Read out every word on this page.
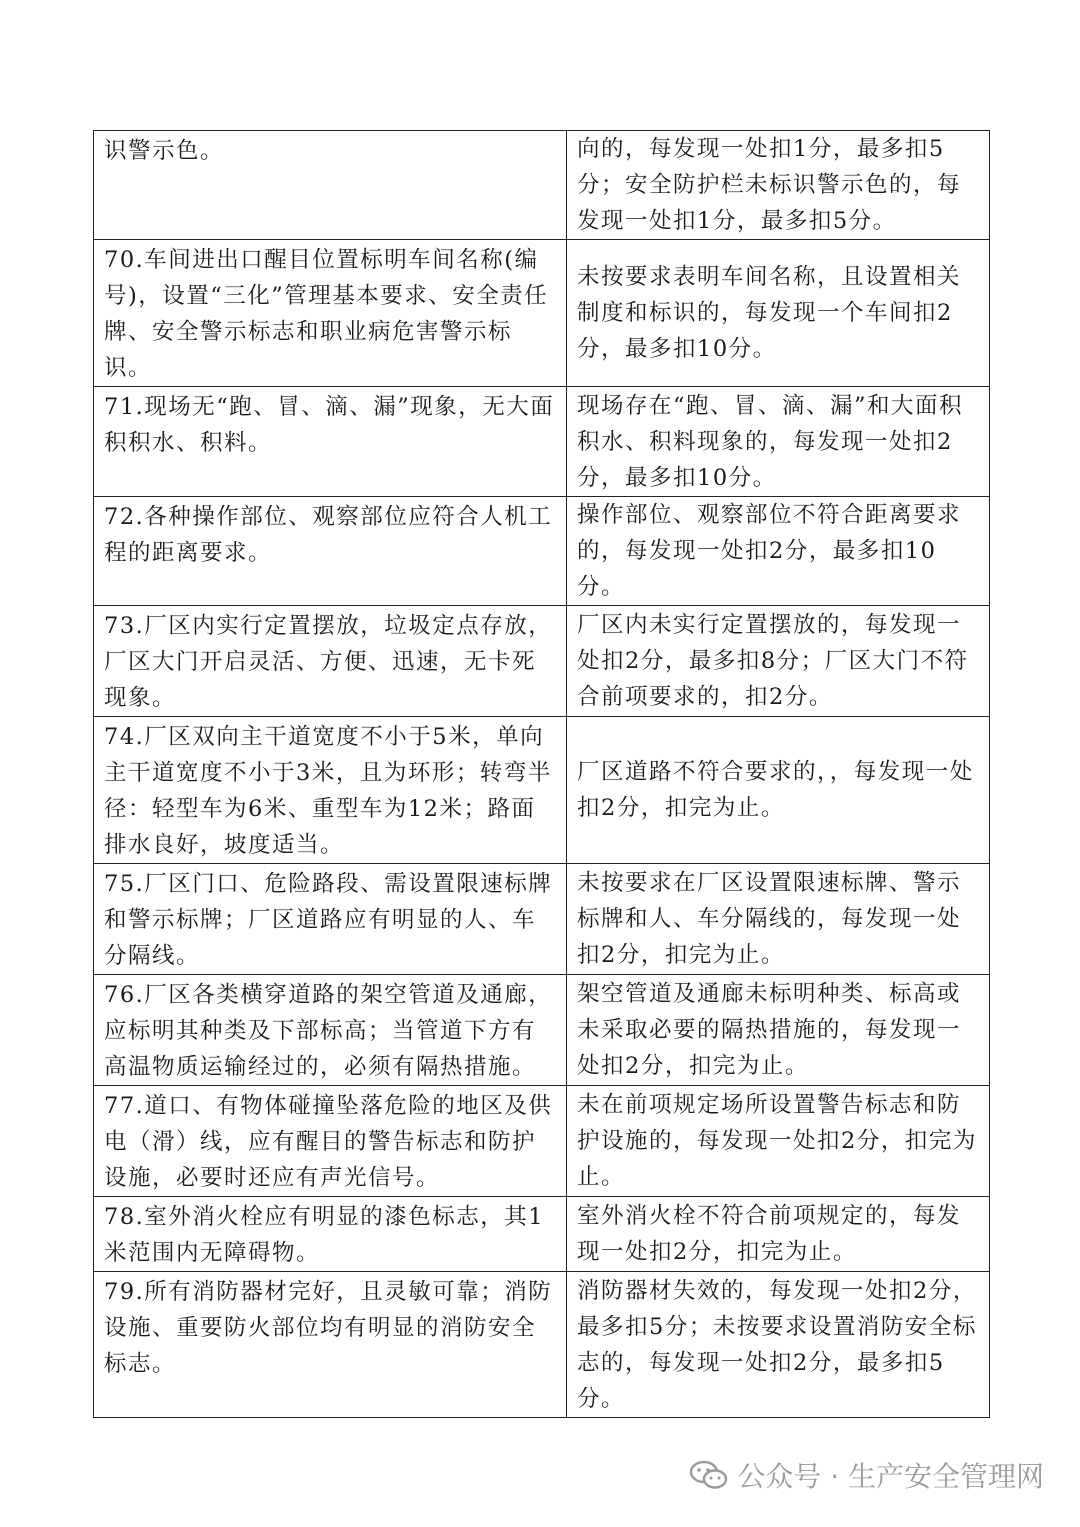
识警示色。	向的，每发现一处扣1分，最多扣5分；安全防护栏未标识警示色的，每发现一处扣1分，最多扣5分。
70.车间进出口醒目位置标明车间名称(编号)，设置“三化”管理基本要求、安全责任牌、安全警示标志和职业病危害警示标识。	未按要求表明车间名称，且设置相关制度和标识的，每发现一个车间扣2分，最多扣10分。
71.现场无“跑、冒、滴、漏”现象，无大面积积水、积料。	现场存在“跑、冒、滴、漏”和大面积积水、积料现象的，每发现一处扣2分，最多扣10分。
72.各种操作部位、观察部位应符合人机工程的距离要求。	操作部位、观察部位不符合距离要求的，每发现一处扣2分，最多扣10分。
73.厂区内实行定置摆放，垃圾定点存放，厂区大门开启灵活、方便、迅速，无卡死现象。	厂区内未实行定置摆放的，每发现一处扣2分，最多扣8分；厂区大门不符合前项要求的，扣2分。
74.厂区双向主干道宽度不小于5米，单向主干道宽度不小于3米，且为环形；转弯半径：轻型车为6米、重型车为12米；路面排水良好，坡度适当。	厂区道路不符合要求的，，每发现一处扣2分，扣完为止。
75.厂区门口、危险路段、需设置限速标牌和警示标牌；厂区道路应有明显的人、车分隔线。	未按要求在厂区设置限速标牌、警示标牌和人、车分隔线的，每发现一处扣2分，扣完为止。
76.厂区各类横穿道路的架空管道及通廊，应标明其种类及下部标高；当管道下方有高温物质运输经过的，必须有隔热措施。	架空管道及通廊未标明种类、标高或未采取必要的隔热措施的，每发现一处扣2分，扣完为止。
77.道口、有物体碰撞坠落危险的地区及供电（滑）线，应有醒目的警告标志和防护设施，必要时还应有声光信号。	未在前项规定场所设置警告标志和防护设施的，每发现一处扣2分，扣完为止。
78.室外消火栓应有明显的漆色标志，其1米范围内无障碍物。	室外消火栓不符合前项规定的，每发现一处扣2分，扣完为止。
79.所有消防器材完好，且灵敏可靠；消防设施、重要防火部位均有明显的消防安全标志。	消防器材失效的，每发现一处扣2分，最多扣5分；未按要求设置消防安全标志的，每发现一处扣2分，最多扣5分。
公众号 · 生产安全管理网
